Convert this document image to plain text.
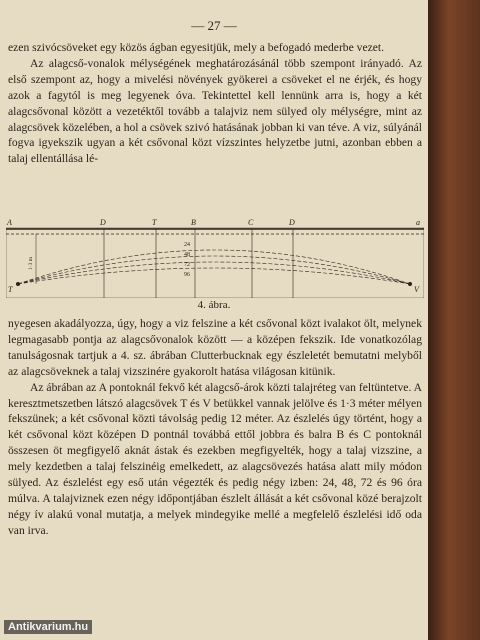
— 27 —

ezen szivócsöveket egy közös ágban egyesitjük, mely a befogadó mederbe vezet.

Az alagcső-vonalok mélységének meghatározásánál több szempont irányadó. Az első szempont az, hogy a mivelési növények gyökerei a csöveket el ne érjék, és hogy azok a fagytól is meg legyenek óva. Tekintettel kell lennünk arra is, hogy a két alagcsővonal között a vezetéktől tovább a talajviz nem sülyed oly mélységre, mint az alagcsövek közelében, a hol a csövek szivó hatásának jobban ki van téve. A viz, súlyánál fogva igyekszik ugyan a két csővonal közt vízszintes helyzetbe jutni, azonban ebben a talaj ellentállása lé-

A	D	T	B	C	D	a
T	V
24
48
72
96
1·3 m
4. ábra.

nyegesen akadályozza, úgy, hogy a viz felszine a két csővonal közt ivalakot ölt, melynek legmagasabb pontja az alagcsővonalok között — a középen fekszik. Ide vonatkozólag tanulságosnak tartjuk a 4. sz. ábrában Clutterbucknak egy észleletét bemutatni melyből az alagcsöveknek a talaj vizszinére gyakorolt hatása világosan kitünik.

Az ábrában az A pontoknál fekvő két alagcső-árok közti talajréteg van feltüntetve. A keresztmetszetben látszó alagcsövek T és V betükkel vannak jelölve és 1·3 méter mélyen fekszünek; a két csővonal közti távolság pedig 12 méter. Az észlelés úgy történt, hogy a két csővonal közt középen D pontnál továbbá ettől jobbra és balra B és C pontoknál összesen öt megfigyelő aknát ástak és ezekben megfigyelték, hogy a talaj vizszine, a mely kezdetben a talaj felszinéig emelkedett, az alagcsövezés hatása alatt mily módon sülyed. Az észlelést egy eső után végezték és pedig négy izben: 24, 48, 72 és 96 óra múlva. A talajviznek ezen négy időpontjában észlelt állását a két csővonal közé berajzolt négy ív alakú vonal mutatja, a melyek mindegyike mellé a megfelelő észlelési idő oda van irva.

Antikvarium.hu
